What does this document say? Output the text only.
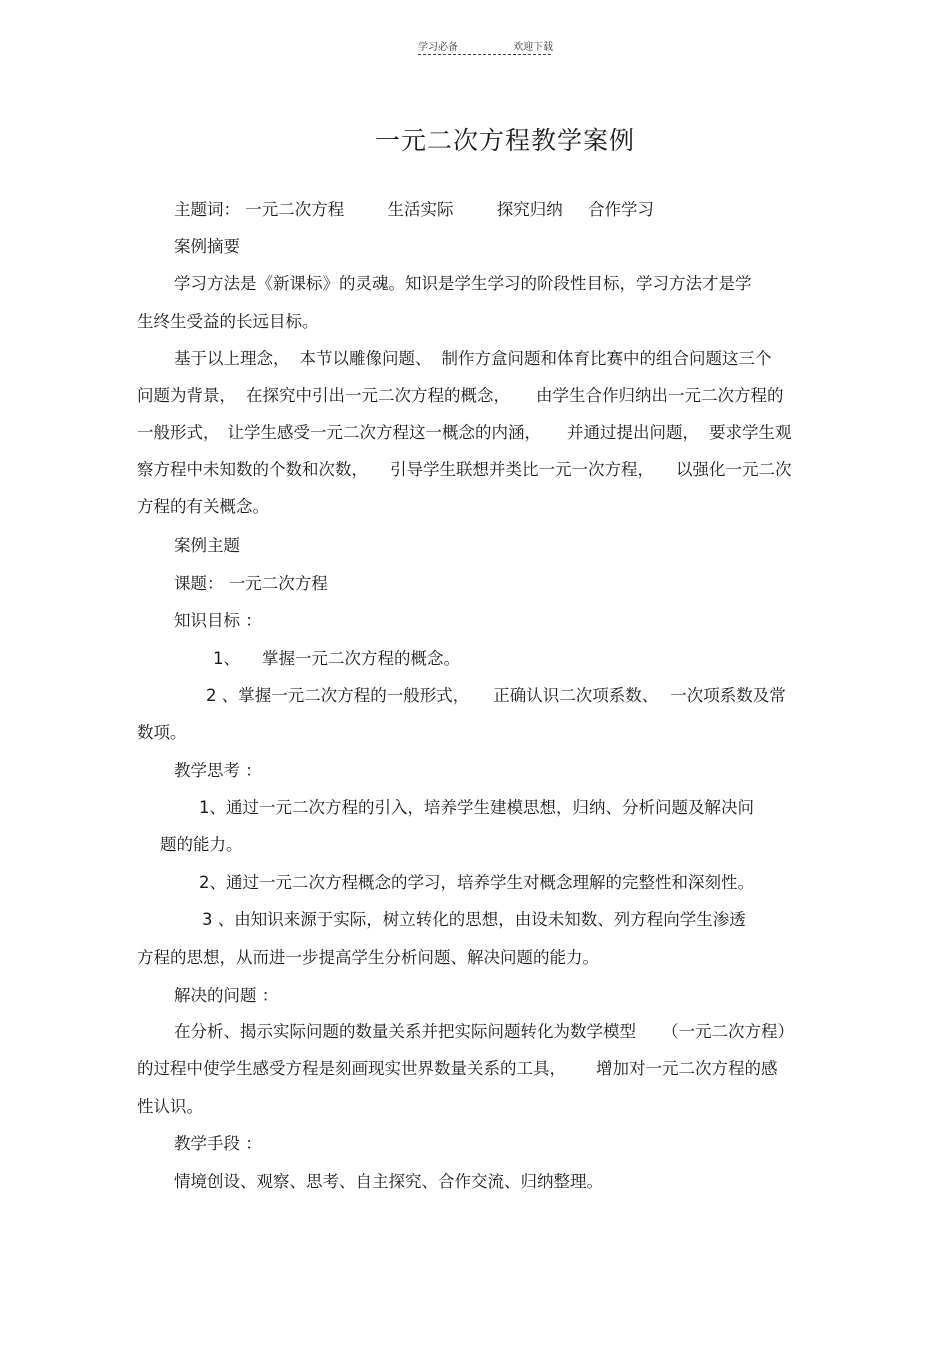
学习必备	欢迎下载
一元二次方程教学案例
主题词： 一元二次方程	生活实际	探究归纳 合作学习
案例摘要
学习方法是《新课标》的灵魂。知识是学生学习的阶段性目标，学习方法才是学
生终生受益的长远目标。
基于以上理念， 本节以雕像问题、 制作方盒问题和体育比赛中的组合问题这三个
问题为背景， 在探究中引出一元二次方程的概念， 由学生合作归纳出一元二次方程的
一般形式， 让学生感受一元二次方程这一概念的内涵， 并通过提出问题， 要求学生观
察方程中未知数的个数和次数， 引导学生联想并类比一元一次方程， 以强化一元二次
方程的有关概念。
案例主题
课题： 一元二次方程
知识目标 ：
1、 掌握一元二次方程的概念。
2 、掌握一元二次方程的一般形式， 正确认识二次项系数、 一次项系数及常
数项。
教学思考 ：
1、通过一元二次方程的引入，培养学生建模思想，归纳、分析问题及解决问
题的能力。
2、通过一元二次方程概念的学习，培养学生对概念理解的完整性和深刻性。
3 、由知识来源于实际，树立转化的思想，由设未知数、列方程向学生渗透
方程的思想，从而进一步提高学生分析问题、解决问题的能力。
解决的问题 ：
在分析、揭示实际问题的数量关系并把实际问题转化为数学模型 （一元二次方程）
的过程中使学生感受方程是刻画现实世界数量关系的工具， 增加对一元二次方程的感
性认识。
教学手段 ：
情境创设、观察、思考、自主探究、合作交流、归纳整理。
